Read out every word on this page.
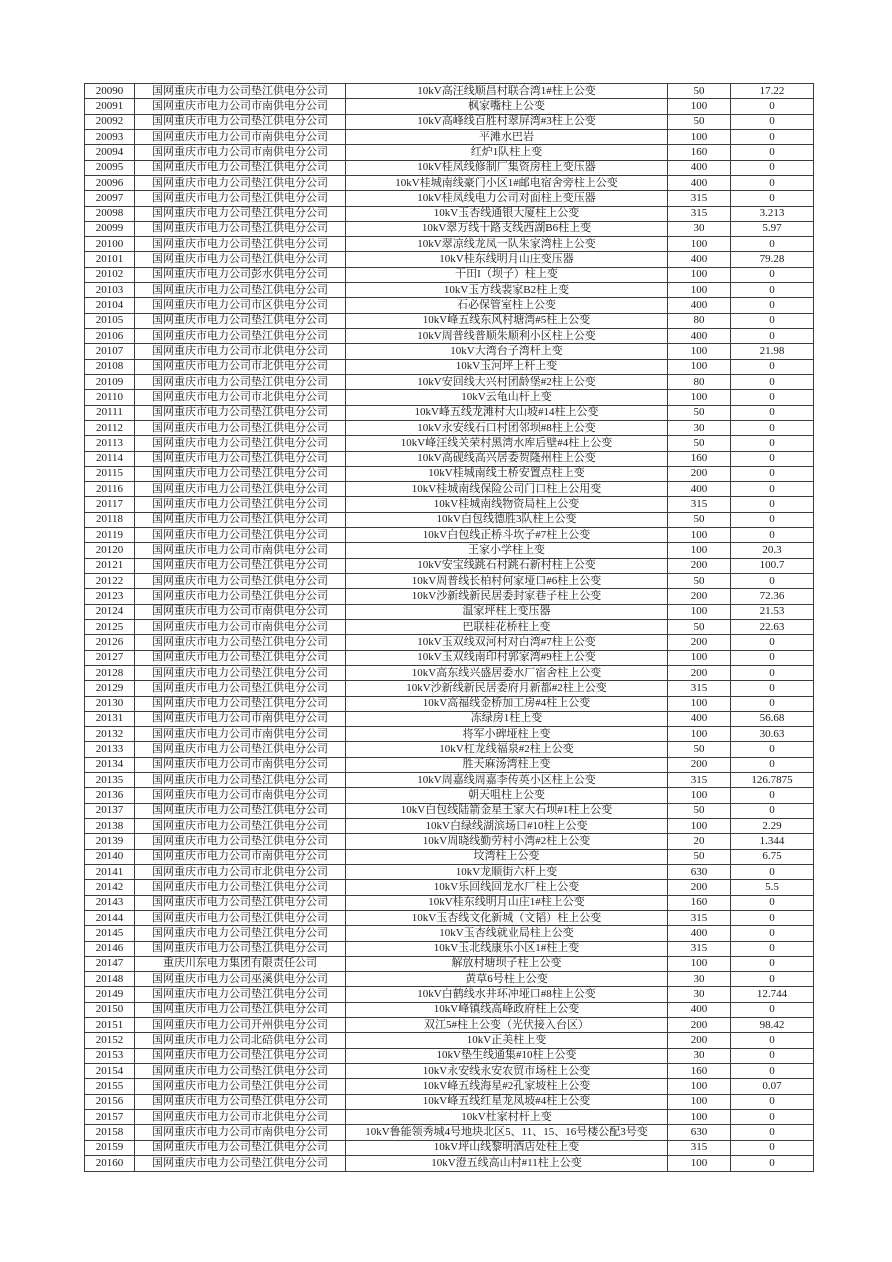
20090	国网重庆市电力公司垫江供电分公司	10kV高汪线顺昌村联合湾1#柱上公变	50	17.22
20091	国网重庆市电力公司市南供电分公司	枫家嘴柱上公变	100	0
20092	国网重庆市电力公司垫江供电分公司	10kV高峰线百胜村翠屏湾#3柱上公变	50	0
20093	国网重庆市电力公司市南供电分公司	平滩水巴岩	100	0
20094	国网重庆市电力公司市南供电分公司	红炉1队柱上变	160	0
20095	国网重庆市电力公司垫江供电分公司	10kV桂凤线修制厂集资房柱上变压器	400	0
20096	国网重庆市电力公司垫江供电分公司	10kV桂城南线豪门小区1#邮电宿舍旁柱上公变	400	0
20097	国网重庆市电力公司垫江供电分公司	10kV桂凤线电力公司对面柱上变压器	315	0
20098	国网重庆市电力公司垫江供电分公司	10kV玉杏线通银大厦柱上公变	315	3.213
20099	国网重庆市电力公司垫江供电分公司	10kV翠万线十路支线西湖B6柱上变	30	5.97
20100	国网重庆市电力公司垫江供电分公司	10kV翠凉线龙凤一队朱家湾柱上公变	100	0
20101	国网重庆市电力公司垫江供电分公司	10kV桂东线明月山庄变压器	400	79.28
20102	国网重庆市电力公司彭水供电分公司	干田I（坝子）柱上变	100	0
20103	国网重庆市电力公司垫江供电分公司	10kV玉方线裴家B2柱上变	100	0
20104	国网重庆市电力公司市区供电分公司	石必保管室柱上公变	400	0
20105	国网重庆市电力公司垫江供电分公司	10kV峰五线东风村塘湾#5柱上公变	80	0
20106	国网重庆市电力公司垫江供电分公司	10kV周普线普顺朱顺利小区柱上公变	400	0
20107	国网重庆市电力公司市北供电分公司	10kV大湾台子湾杆上变	100	21.98
20108	国网重庆市电力公司市北供电分公司	10kV玉河坪上杆上变	100	0
20109	国网重庆市电力公司垫江供电分公司	10kV安回线大兴村团龄堡#2柱上公变	80	0
20110	国网重庆市电力公司市北供电分公司	10kV云龟山杆上变	100	0
20111	国网重庆市电力公司垫江供电分公司	10kV峰五线龙滩村大山坡#14柱上公变	50	0
20112	国网重庆市电力公司垫江供电分公司	10kV永安线石口村团邻坝#8柱上公变	30	0
20113	国网重庆市电力公司垫江供电分公司	10kV峰汪线关荣村黑湾水库后壁#4柱上公变	50	0
20114	国网重庆市电力公司垫江供电分公司	10kV高砚线高兴居委贺隆州柱上公变	160	0
20115	国网重庆市电力公司垫江供电分公司	10kV桂城南线土桥安置点柱上变	200	0
20116	国网重庆市电力公司垫江供电分公司	10kV桂城南线保险公司门口柱上公用变	400	0
20117	国网重庆市电力公司垫江供电分公司	10kV桂城南线物资局柱上公变	315	0
20118	国网重庆市电力公司垫江供电分公司	10kV白包线德胜3队柱上公变	50	0
20119	国网重庆市电力公司垫江供电分公司	10kV白包线正桥斗坎子#7柱上公变	100	0
20120	国网重庆市电力公司市南供电分公司	王家小学柱上变	100	20.3
20121	国网重庆市电力公司垫江供电分公司	10kV安宝线跳石村跳石新村柱上公变	200	100.7
20122	国网重庆市电力公司垫江供电分公司	10kV周普线长柏村何家垭口#6柱上公变	50	0
20123	国网重庆市电力公司垫江供电分公司	10kV沙新线新民居委封家巷子柱上公变	200	72.36
20124	国网重庆市电力公司市南供电分公司	温家坪柱上变压器	100	21.53
20125	国网重庆市电力公司市南供电分公司	巴联桂花桥柱上变	50	22.63
20126	国网重庆市电力公司垫江供电分公司	10kV玉双线双河村对白湾#7柱上公变	200	0
20127	国网重庆市电力公司垫江供电分公司	10kV玉双线南印村郭家湾#9柱上公变	100	0
20128	国网重庆市电力公司垫江供电分公司	10kV高东线兴盛居委水厂宿舍柱上公变	200	0
20129	国网重庆市电力公司垫江供电分公司	10kV沙新线新民居委府月新都#2柱上公变	315	0
20130	国网重庆市电力公司垫江供电分公司	10kV高福线金桥加工房#4柱上公变	100	0
20131	国网重庆市电力公司市南供电分公司	冻绿房1柱上变	400	56.68
20132	国网重庆市电力公司市南供电分公司	将军小碑垭柱上变	100	30.63
20133	国网重庆市电力公司垫江供电分公司	10kV杠龙线福泉#2柱上公变	50	0
20134	国网重庆市电力公司市南供电分公司	胜天麻汤湾柱上变	200	0
20135	国网重庆市电力公司垫江供电分公司	10kV周嘉线周嘉李传英小区柱上公变	315	126.7875
20136	国网重庆市电力公司市南供电分公司	朝天咀柱上公变	100	0
20137	国网重庆市电力公司垫江供电分公司	10kV白包线陆箭金星王家大石坝#1柱上公变	50	0
20138	国网重庆市电力公司垫江供电分公司	10kV白绿线湖滨场口#10柱上公变	100	2.29
20139	国网重庆市电力公司垫江供电分公司	10kV周晓线勤劳村小湾#2柱上公变	20	1.344
20140	国网重庆市电力公司市南供电分公司	坟湾柱上公变	50	6.75
20141	国网重庆市电力公司市北供电分公司	10kV龙顺街六杆上变	630	0
20142	国网重庆市电力公司垫江供电分公司	10kV乐回线回龙水厂柱上公变	200	5.5
20143	国网重庆市电力公司垫江供电分公司	10kV桂东线明月山庄1#柱上公变	160	0
20144	国网重庆市电力公司垫江供电分公司	10kV玉杏线文化新城（文韬）柱上公变	315	0
20145	国网重庆市电力公司垫江供电分公司	10kV玉杏线就业局柱上公变	400	0
20146	国网重庆市电力公司垫江供电分公司	10kV玉北线康乐小区1#柱上变	315	0
20147	重庆川东电力集团有限责任公司	解放村塘坝子柱上公变	100	0
20148	国网重庆市电力公司巫溪供电分公司	黄草6号柱上公变	30	0
20149	国网重庆市电力公司垫江供电分公司	10kV白鹤线水井环冲垭口#8柱上公变	30	12.744
20150	国网重庆市电力公司垫江供电分公司	10kV峰镇线高峰政府柱上公变	400	0
20151	国网重庆市电力公司开州供电分公司	双江5#柱上公变（光伏接入台区）	200	98.42
20152	国网重庆市电力公司北碚供电分公司	10kV正美柱上变	200	0
20153	国网重庆市电力公司垫江供电分公司	10kV垫生线通集#10柱上公变	30	0
20154	国网重庆市电力公司垫江供电分公司	10kV永安线永安农贸市场柱上公变	160	0
20155	国网重庆市电力公司垫江供电分公司	10kV峰五线海星#2孔家坡柱上公变	100	0.07
20156	国网重庆市电力公司垫江供电分公司	10kV峰五线红星龙凤坡#4柱上公变	100	0
20157	国网重庆市电力公司市北供电分公司	10kV杜家村杆上变	100	0
20158	国网重庆市电力公司市南供电分公司	10kV鲁能领秀城4号地块北区5、11、15、16号楼公配3号变	630	0
20159	国网重庆市电力公司垫江供电分公司	10kV坪山线黎明酒店处柱上变	315	0
20160	国网重庆市电力公司垫江供电分公司	10kV澄五线高山村#11柱上公变	100	0
